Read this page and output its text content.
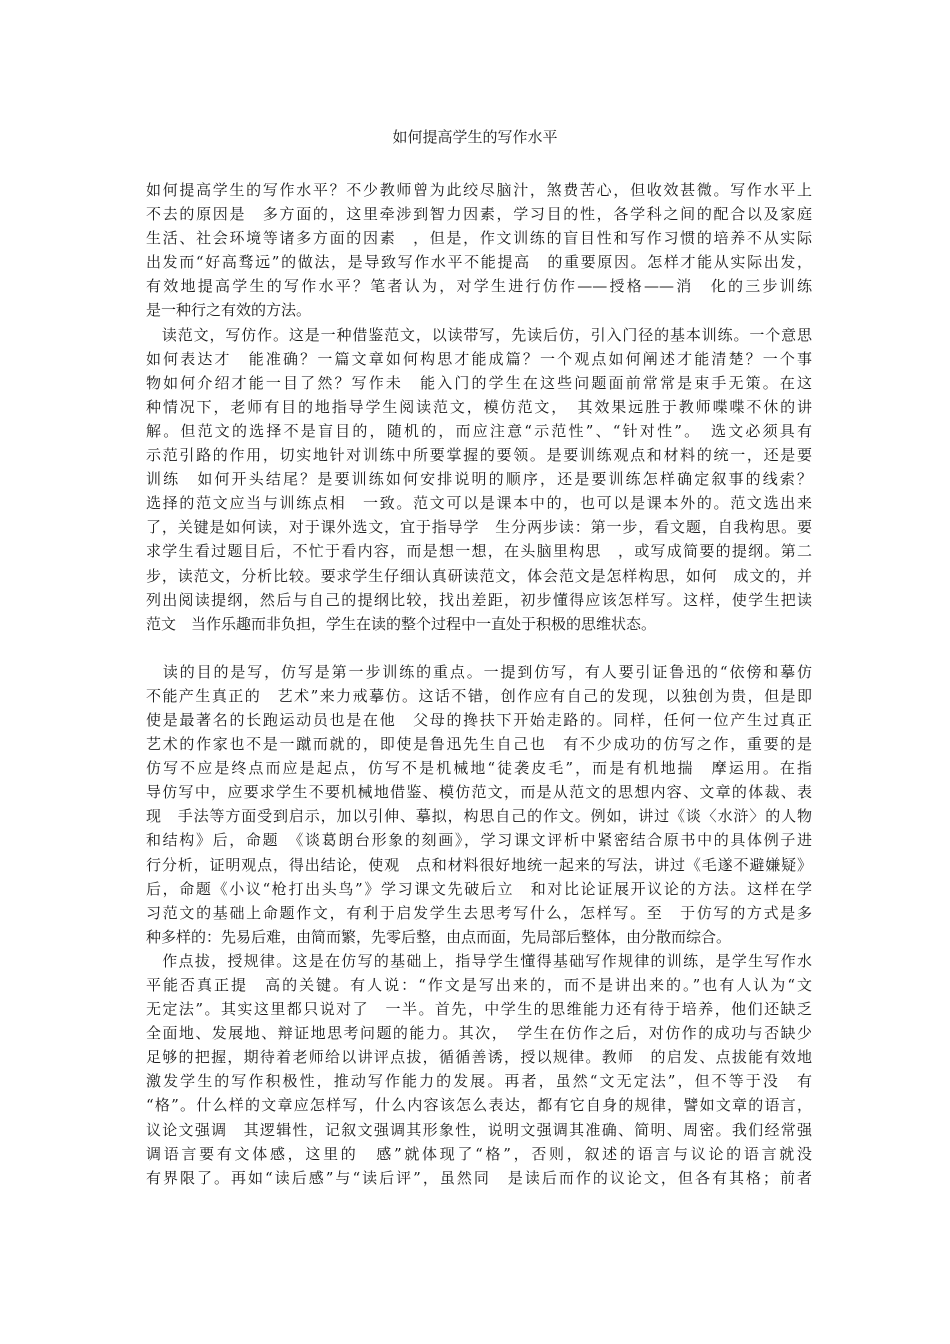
如何提高学生的写作水平
如何提高学生的写作水平？不少教师曾为此绞尽脑汁，煞费苦心，但收效甚微。写作水平上
不去的原因是　多方面的，这里牵涉到智力因素，学习目的性，各学科之间的配合以及家庭
生活、社会环境等诸多方面的因素　，但是，作文训练的盲目性和写作习惯的培养不从实际
出发而“好高骛远”的做法，是导致写作水平不能提高　的重要原因。怎样才能从实际出发，
有效地提高学生的写作水平？笔者认为，对学生进行仿作——授格——消　化的三步训练
是一种行之有效的方法。
　读范文，写仿作。这是一种借鉴范文，以读带写，先读后仿，引入门径的基本训练。一个意思
如何表达才　能准确？一篇文章如何构思才能成篇？一个观点如何阐述才能清楚？一个事
物如何介绍才能一目了然？写作未　能入门的学生在这些问题面前常常是束手无策。在这
种情况下，老师有目的地指导学生阅读范文，模仿范文，　其效果远胜于教师喋喋不休的讲
解。但范文的选择不是盲目的，随机的，而应注意“示范性”、“针对性”。　选文必须具有
示范引路的作用，切实地针对训练中所要掌握的要领。是要训练观点和材料的统一，还是要
训练　如何开头结尾？是要训练如何安排说明的顺序，还是要训练怎样确定叙事的线索？
选择的范文应当与训练点相　一致。范文可以是课本中的，也可以是课本外的。范文选出来
了，关键是如何读，对于课外选文，宜于指导学　生分两步读：第一步，看文题，自我构思。要
求学生看过题目后，不忙于看内容，而是想一想，在头脑里构思　，或写成简要的提纲。第二
步，读范文，分析比较。要求学生仔细认真研读范文，体会范文是怎样构思，如何　成文的，并
列出阅读提纲，然后与自己的提纲比较，找出差距，初步懂得应该怎样写。这样，使学生把读
范文　当作乐趣而非负担，学生在读的整个过程中一直处于积极的思维状态。
　读的目的是写，仿写是第一步训练的重点。一提到仿写，有人要引证鲁迅的“依傍和摹仿
不能产生真正的　艺术”来力戒摹仿。这话不错，创作应有自己的发现，以独创为贵，但是即
使是最著名的长跑运动员也是在他　父母的搀扶下开始走路的。同样，任何一位产生过真正
艺术的作家也不是一蹴而就的，即使是鲁迅先生自己也　有不少成功的仿写之作，重要的是
仿写不应是终点而应是起点，仿写不是机械地“徒袭皮毛”，而是有机地揣　摩运用。在指
导仿写中，应要求学生不要机械地借鉴、模仿范文，而是从范文的思想内容、文章的体裁、表
现　手法等方面受到启示，加以引伸、摹拟，构思自己的作文。例如，讲过《谈〈水浒〉的人物
和结构》后，命题　《谈葛朗台形象的刻画》，学习课文评析中紧密结合原书中的具体例子进
行分析，证明观点，得出结论，使观　点和材料很好地统一起来的写法，讲过《毛遂不避嫌疑》
后，命题《小议“枪打出头鸟”》学习课文先破后立　和对比论证展开议论的方法。这样在学
习范文的基础上命题作文，有利于启发学生去思考写什么，怎样写。至　于仿写的方式是多
种多样的：先易后难，由简而繁，先零后整，由点而面，先局部后整体，由分散而综合。
　作点拔，授规律。这是在仿写的基础上，指导学生懂得基础写作规律的训练，是学生写作水
平能否真正提　高的关键。有人说：“作文是写出来的，而不是讲出来的。”也有人认为“文
无定法”。其实这里都只说对了　一半。首先，中学生的思维能力还有待于培养，他们还缺乏
全面地、发展地、辩证地思考问题的能力。其次，　学生在仿作之后，对仿作的成功与否缺少
足够的把握，期待着老师给以讲评点拔，循循善诱，授以规律。教师　的启发、点拔能有效地
激发学生的写作积极性，推动写作能力的发展。再者，虽然“文无定法”，但不等于没　有
“格”。什么样的文章应怎样写，什么内容该怎么表达，都有它自身的规律，譬如文章的语言，
议论文强调　其逻辑性，记叙文强调其形象性，说明文强调其准确、简明、周密。我们经常强
调语言要有文体感，这里的　感”就体现了“格”，否则，叙述的语言与议论的语言就没
有界限了。再如“读后感”与“读后评”，虽然同　是读后而作的议论文，但各有其格；前者
